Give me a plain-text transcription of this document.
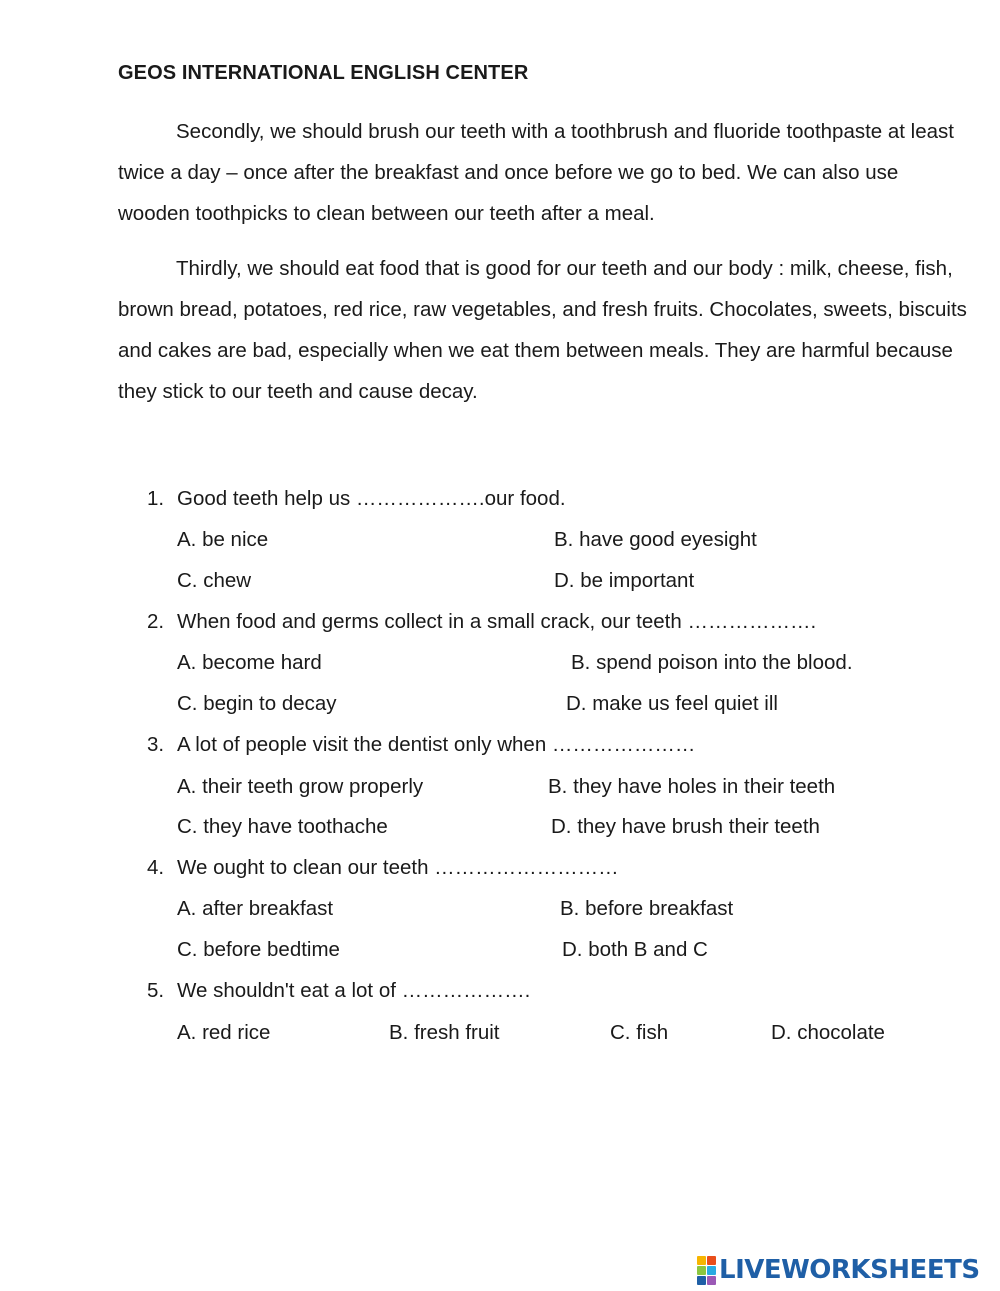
GEOS INTERNATIONAL ENGLISH CENTER

Secondly, we should brush our teeth with a toothbrush and fluoride toothpaste at least twice a day – once after the breakfast and once before we go to bed. We can also use wooden toothpicks to clean between our teeth after a meal.

Thirdly, we should eat food that is good for our teeth and our body : milk, cheese, fish, brown bread, potatoes, red rice, raw vegetables, and fresh fruits. Chocolates, sweets, biscuits and cakes are bad, especially when we eat them between meals. They are harmful because they stick to our teeth and cause decay.

1. Good teeth help us ……………….our food.
A. be nice	B. have good eyesight
C. chew	D. be important
2. When food and germs collect in a small crack, our teeth ……………….
A. become hard	B. spend poison into the blood.
C. begin to decay	D. make us feel quiet ill
3. A lot of people visit the dentist only when …………………
A. their teeth grow properly	B. they have holes in their teeth
C. they have toothache	D. they have brush their teeth
4. We ought to clean our teeth ………………………
A. after breakfast	B. before breakfast
C. before bedtime	D. both B and C
5. We shouldn't eat a lot of ……………….
A. red rice	B. fresh fruit	C. fish	D. chocolate
LIVEWORKSHEETS
